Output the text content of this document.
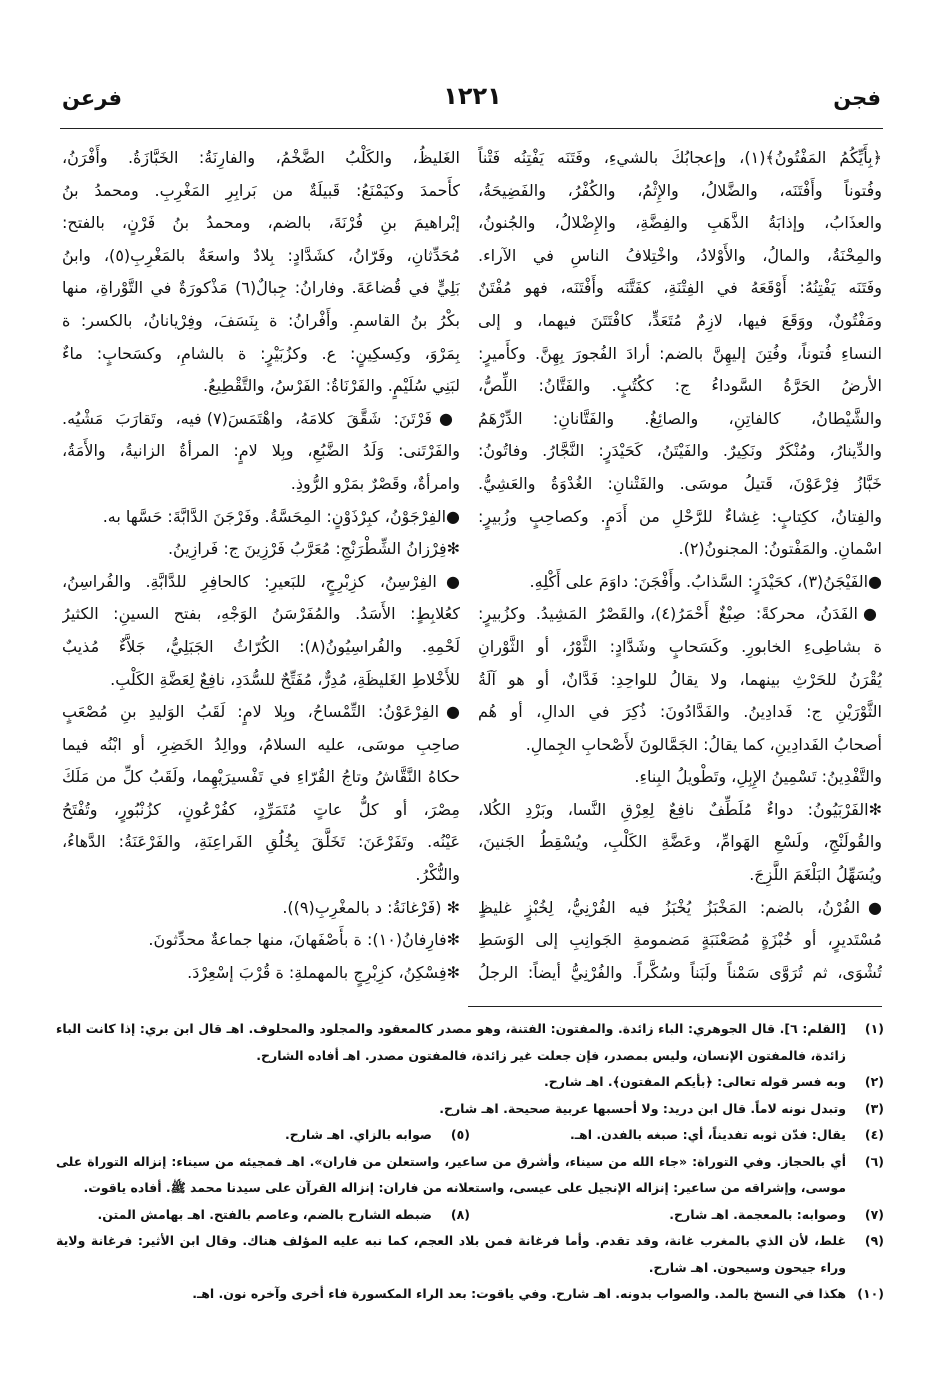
فجن
١٢٢١
فرعن
﴿بِأَيِّكُمُ المَفْتُونُ﴾(١)، وإعجابُكَ بالشيءِ، وفَتَنَه يَفْتِنُه فَتْناً
وفُتوناً وأَفْتَنَه، والضَّلالُ، والإِثْمُ، والكُفْرُ، والفَضِيحَةُ،
والعذَابُ، وإذابَةُ الذَّهَبِ والفِضَّةِ، والإِضْلالُ، والجُنونُ،
والمِحْنَةُ، والمالُ، والأَوْلادُ، واخْتِلافُ الناسِ في الآراء.
وفَتَنَه يَفْتِنُهُ: أَوْقَعَهُ في الفِتْنَةِ، كفَتَّنَه وأَفْتَنَه، فهو مُفْتَنٌ
ومَفْتُونٌ، ووَقَعَ فيها، لازِمٌ مُتَعَدٍّ، كافْتَتَنَ فيهما، و إلى
النساءِ فُتوناً، وفُتِنَ إليهِنَّ بالضم: أرادَ الفُجورَ بِهِنَّ. وكأَميرٍ:
الأرضُ الحَرَّةُ السَّوداءُ ج: ككُتُبٍ. والفَتَّانُ: اللِّصُّ،
والشَّيْطانُ، كالفاتِنِ، والصائِغُ. والفَتَّانانِ: الدِّرْهَمُ
والدِّينارُ، ومُنْكَرٌ ونَكِيرٌ. والفَيْتَنُ، كَحَيْدَرٍ: النَّجَّارُ. وفاتُونُ:
خَبَّازُ فِرْعَوْنَ، قَتيلُ موسَى. والفَتْنانِ: الغُدْوَةُ والعَشِيُّ.
والفِتانُ، ككِتابٍ: غِشاءٌ للرَّحْلِ من أَدَمٍ. وكصاحِبٍ وزُبيرٍ:
اسْمانِ. والمَفْتونُ: المجنونُ(٢).
●الفَيْجَنُ(٣)، كحَيْدَرٍ: السَّذابُ. وأَفْجَنَ: داوَمَ على أَكْلِهِ.
●الفَدَنُ، محركةً: صِبْغٌ أَحْمَرُ(٤)، والقَصْرُ المَشِيدُ. وكزُبيرٍ:
ة بشاطِىءِ الخابورِ. وكَسَحابٍ وشَدَّادٍ: الثَّوْرُ، أو الثَّوْرانِ
يُقْرَنُ للحَرْثِ بينهما، ولا يقالُ للواحِدِ: فَدَّانٌ، أو هو آلَةُ
الثَّوْرَيْنِ ج: فَدادِينُ. والفَدَّادُونَ: ذُكِرَ في الدالِ، أو هُم
أصحابُ الفَدادِينِ، كما يقالُ: الجَمَّالونَ لأَصْحابِ الجِمالِ.
والتَّفْدِينُ: تَسْمِينُ الإِبِلِ، وتَطْويلُ البِناءِ.
✻الفَرْبَيُونُ: دواءٌ مُلَطِّفٌ نافِعٌ لِعِرْقِ النَّسا، وبَرْدِ الكُلا،
والقُولَنْجِ، ولَسْعِ الهَوامِّ، وعَضَّةِ الكَلْبِ، ويُسْقِطُ الجَنينَ،
ويُسَهِّلُ البَلْغَمَ اللَّزِجَ.
●الفُرْنُ، بالضم: المَخْبَزُ يُخْبَزُ فيه الفُرْنِيُّ، لِخُبْزٍ غليظٍ
مُسْتَديرٍ، أو خُبْزَةٍ مُصَعْنَبَةٍ مَضمومةِ الجَوانِبِ إلى الوَسَطِ
تُشْوَى، ثم تُرَوَّى سَمْناً ولَبَناً وسُكَّراً. والفُرْنِيُّ أيضاً: الرجلُ
الغَليظُ، والكَلْبُ الضَّخْمُ، والفارِنَةُ: الخَبَّازَةُ. وأَفْرَنُ،
كأَحمدَ وكيَمْنَعُ: قَبيلَةٌ من بَرابِرِ المَغْرِبِ. ومحمدُ بنُ
إبْراهيمَ بنِ فُرْنَةَ، بالضم، ومحمدُ بنُ فَرْنٍ، بالفتح:
مُحَدِّثانِ، وفَرّانُ، كشَدَّادٍ: بِلادٌ واسعَةٌ بالمَغْرِبِ(٥)، وابنُ
بَلِيٍّ في قُضاعَةَ. وفارانُ: جِبالٌ(٦) مَذْكورَةٌ في التَّوْراةِ، منها
بكْرُ بنُ القاسمِ. وأَفْرانُ: ة بِنَسَفَ، وفِرْيانانُ، بالكسر: ة
بِمَرْوَ، وكِسكِينٍ: ع. وكزُبَيْرٍ: ة بالشامِ، وكسَحابٍ: ماءٌ
لبَنِي سُلَيْمٍ. والفَرْنَاةُ: الفَرْسُ، والتَّقْطِيعُ.
●فَرْتَنَ: شَقَّقَ كلامَهُ، واهْتَمَسَ(٧) فيه، وتَقارَبَ مَشْيُه.
والفَرْتَنى: وَلَدُ الضَّبُعِ، وبِلا لامٍ: المرأةُ الزانيةُ، والأَمَةُ،
وامرأةٌ، وقَصْرٌ بمَرْو الرُّوذِ.
●الفِرْجَوْنُ، كبِرْذَوْنٍ: المِحَسَّةُ. وفَرْجَنَ الدَّابَّةَ: حَسَّها به.
✻فِرْزانُ الشِّطْرَنْجِ: مُعَرَّبُ فَرْزِينَ ج: فَرازِينُ.
●الفِرْسِنُ، كزِبْرِجٍ، للبَعيرِ: كالحافِرِ للدَّابَّةِ. والفُراسِنُ،
كعُلابِطٍ: الأَسَدُ. والمُفَرْسَنُ الوَجْهِ، بفتح السينِ: الكثيرُ
لَحْمِهِ. والفُراسِيُونُ(٨): الكُرّاثُ الجَبَلِيُّ، جَلاَّءٌ مُذيبٌ
للأَخْلاطِ الغَليظَةِ، مُدِرٌّ، مُفَتِّحٌ للسُّدَدِ، نافِعٌ لِعَضَّةِ الكَلْبِ.
●الفِرْعَوْنُ: التِّمْساحُ، وبِلا لامٍ: لَقَبُ الوَليدِ بنِ مُصْعَبٍ
صاحِبِ موسَى، عليه السلامُ، ووالِدُ الخَضِرِ، أو ابْنُه فيما
حكاهُ النَّقَّاشُ وتاجُ القُرّاءِ في تَفْسيرَيْهِما، ولَقَبُ كلِّ من مَلَكَ
مِصْرَ، أو كلُّ عاتٍ مُتَمَرِّدٍ، كفُرْعُونٍ، كزُنْبُورٍ، وتُفْتَحُ
عَيْنُه. وتَفَرْعَنَ: تَخَلَّقَ بِخُلُقِ الفَراعِنَةِ، والفَرْعَنَةُ: الدَّهاءُ،
والنُّكْرُ.
✻ (فَرْغانَةُ: د بالمغْرِبِ(٩)).
✻فارِفانُ(١٠): ة بأَصْفَهانَ، منها جماعةٌ محدِّثونَ.
✻فِسْكِنُ، كزِبْرِجٍ بالمهملةِ: ة قُرْبَ إسْعِرْدَ.
(١)
[القلم: ٦]. قال الجوهري: الباء زائدة. والمفتون: الفتنة، وهو مصدر كالمعقود والمجلود والمحلوف. اهـ قال ابن بري: إذا كانت الباء زائدة، فالمفتون الإنسان، وليس بمصدر، فإن جعلت غير زائدة، فالمفتون مصدر. اهـ أفاده الشارح.
(٢)
وبه فسر قوله تعالى: ﴿بأيكم المفتون﴾. اهـ شارح.
(٣)
وتبدل نونه لاماً. قال ابن دريد: ولا أحسبها عربية صحيحة. اهـ شارح.
(٤)
يقال: فدّن ثوبه تفديناً، أي: صبغه بالفدن. اهـ.
(٥)
صوابه بالزاي. اهـ شارح.
(٦)
أي بالحجاز. وفي التوراة: «جاء الله من سيناء، وأشرق من ساعير، واستعلن من فاران». اهـ فمجيئه من سيناء: إنزاله التوراة على موسى، وإشراقه من ساعير: إنزاله الإنجيل على عيسى، واستعلانه من فاران: إنزاله القرآن على سيدنا محمد ﷺ. أفاده ياقوت.
(٧)
وصوابه: بالمعجمة. اهـ شارح.
(٨)
ضبطه الشارح بالضم، وعاصم بالفتح. اهـ بهامش المتن.
(٩)
غلط، لأن الذي بالمغرب غانة، وقد تقدم. وأما فرغانة فمن بلاد العجم، كما نبه عليه المؤلف هناك. وقال ابن الأثير: فرغانة ولاية وراء جيحون وسيحون. اهـ شارح.
(١٠)
هكذا في النسخ بالمد. والصواب بدونه. اهـ شارح. وفي ياقوت: بعد الراء المكسورة فاء أخرى وآخره نون. اهـ.
